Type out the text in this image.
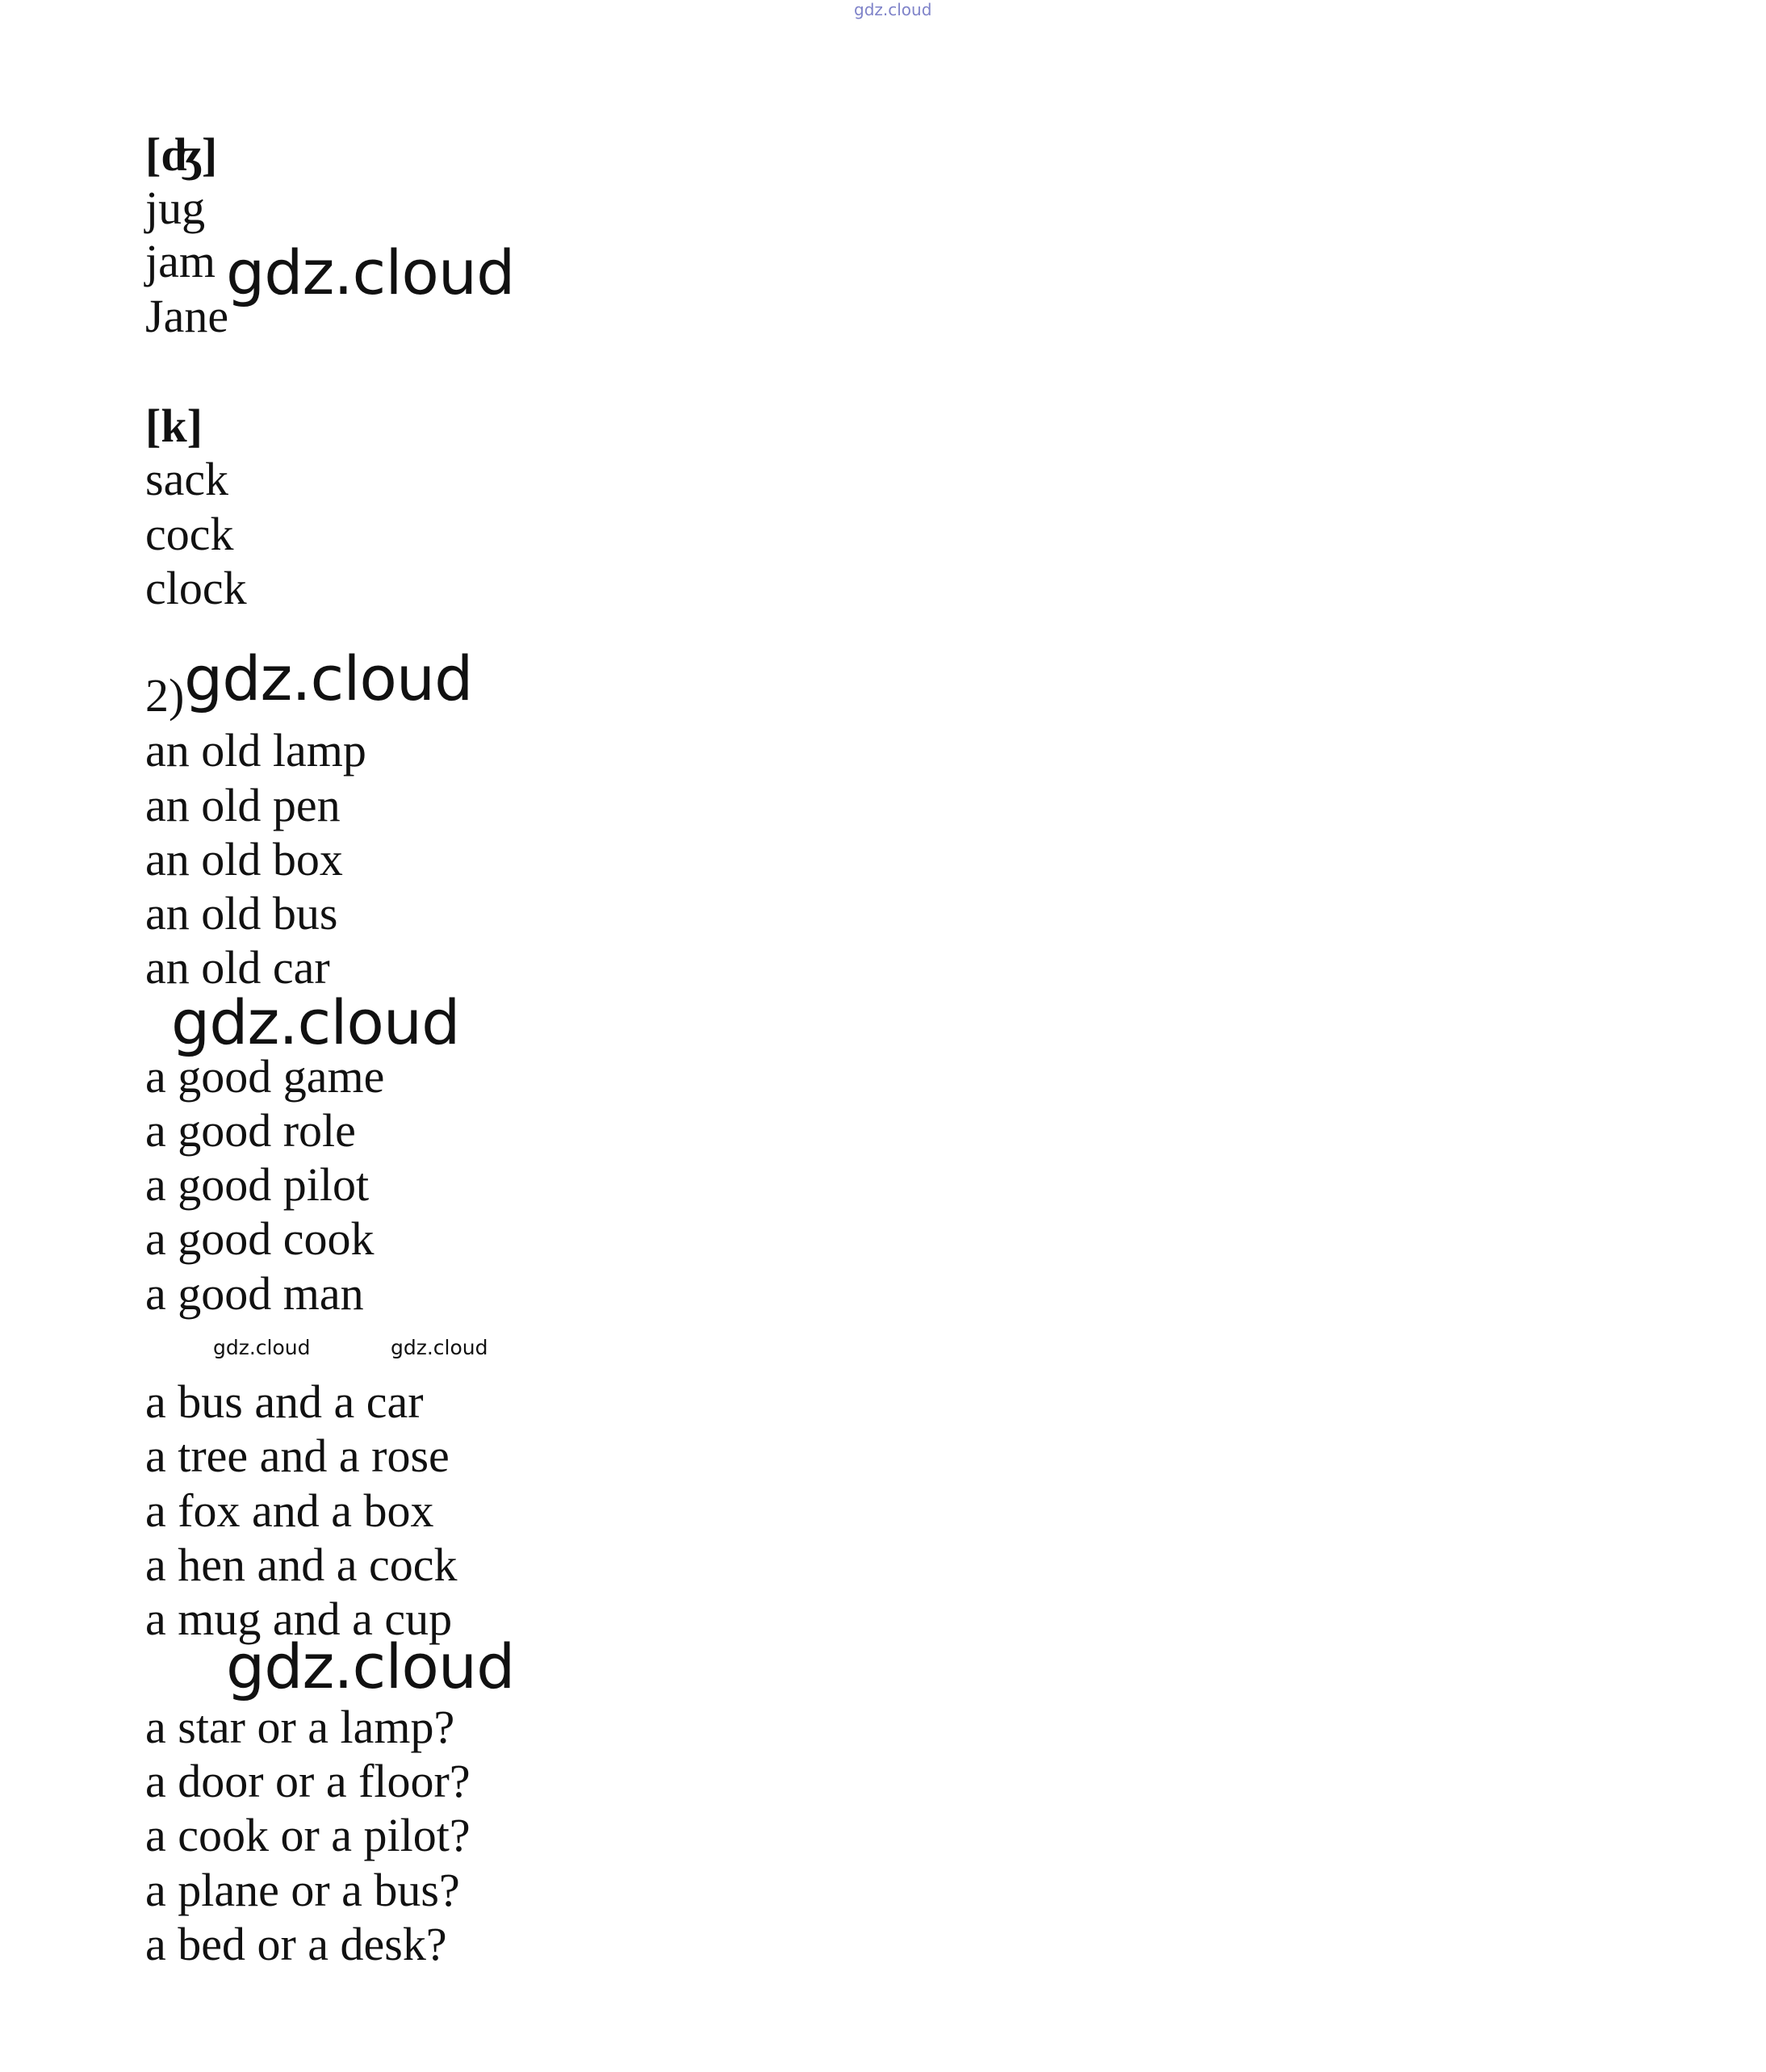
gdz.cloud
[ʤ]
jug
jam
Jane
gdz.cloud
[k]
sack
cock
clock
2) gdz.cloud
an old lamp
an old pen
an old box
an old bus
an old car
gdz.cloud
a good game
a good role
a good pilot
a good cook
a good man
gdz.cloud	gdz.cloud
a bus and a car
a tree and a rose
a fox and a box
a hen and a cock
a mug and a cup
gdz.cloud
a star or a lamp?
a door or a floor?
a cook or a pilot?
a plane or a bus?
a bed or a desk?
